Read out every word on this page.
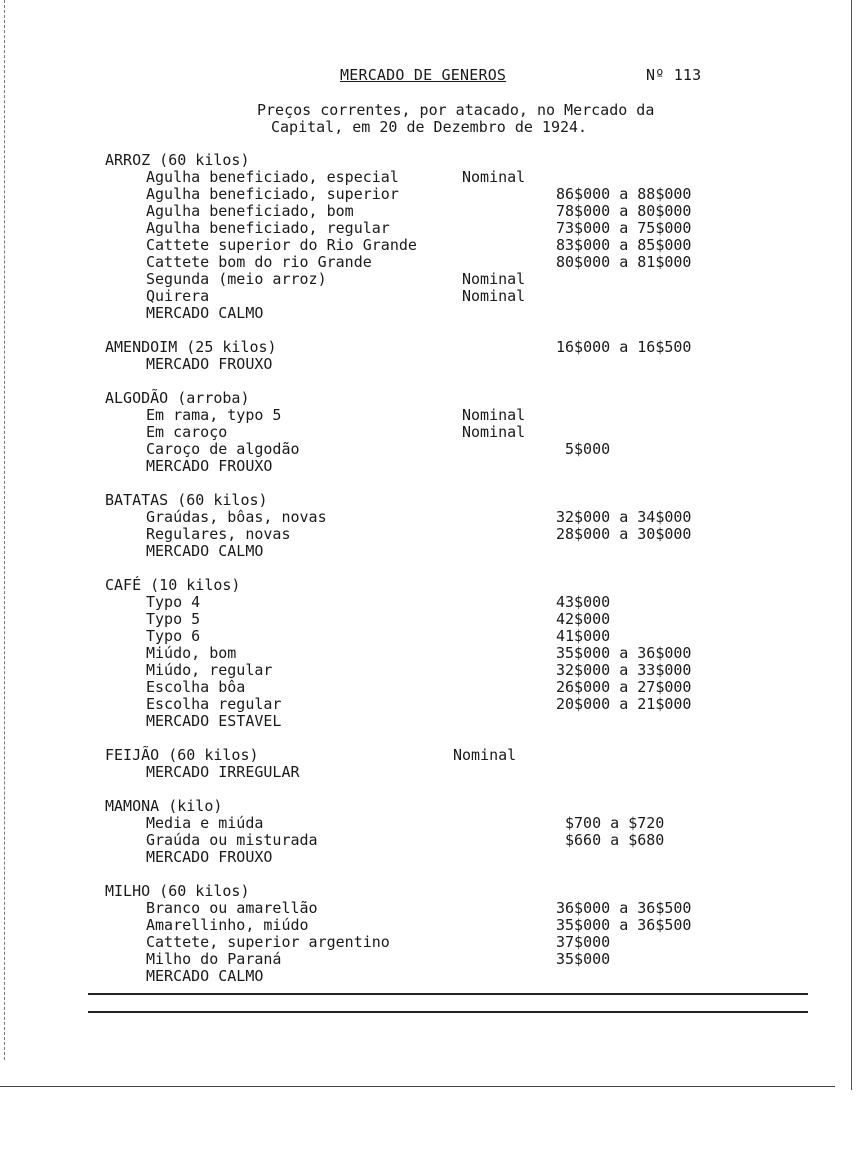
MERCADO DE GENEROS	Nº 113
Preços correntes, por atacado, no Mercado da
Capital, em 20 de Dezembro de 1924.
ARROZ (60 kilos)
Agulha beneficiado, especial	Nominal
Agulha beneficiado, superior	86$000 a 88$000
Agulha beneficiado, bom	78$000 a 80$000
Agulha beneficiado, regular	73$000 a 75$000
Cattete superior do Rio Grande	83$000 a 85$000
Cattete bom do rio Grande	80$000 a 81$000
Segunda (meio arroz)	Nominal
Quirera	Nominal
MERCADO CALMO
AMENDOIM (25 kilos)	16$000 a 16$500
MERCADO FROUXO
ALGODÃO (arroba)
Em rama, typo 5	Nominal
Em caroço	Nominal
Caroço de algodão	5$000
MERCADO FROUXO
BATATAS (60 kilos)
Graúdas, bôas, novas	32$000 a 34$000
Regulares, novas	28$000 a 30$000
MERCADO CALMO
CAFÉ (10 kilos)
Typo 4	43$000
Typo 5	42$000
Typo 6	41$000
Miúdo, bom	35$000 a 36$000
Miúdo, regular	32$000 a 33$000
Escolha bôa	26$000 a 27$000
Escolha regular	20$000 a 21$000
MERCADO ESTAVEL
FEIJÃO (60 kilos)	Nominal
MERCADO IRREGULAR
MAMONA (kilo)
Media e miúda	$700 a $720
Graúda ou misturada	$660 a $680
MERCADO FROUXO
MILHO (60 kilos)
Branco ou amarellão	36$000 a 36$500
Amarellinho, miúdo	35$000 a 36$500
Cattete, superior argentino	37$000
Milho do Paraná	35$000
MERCADO CALMO
